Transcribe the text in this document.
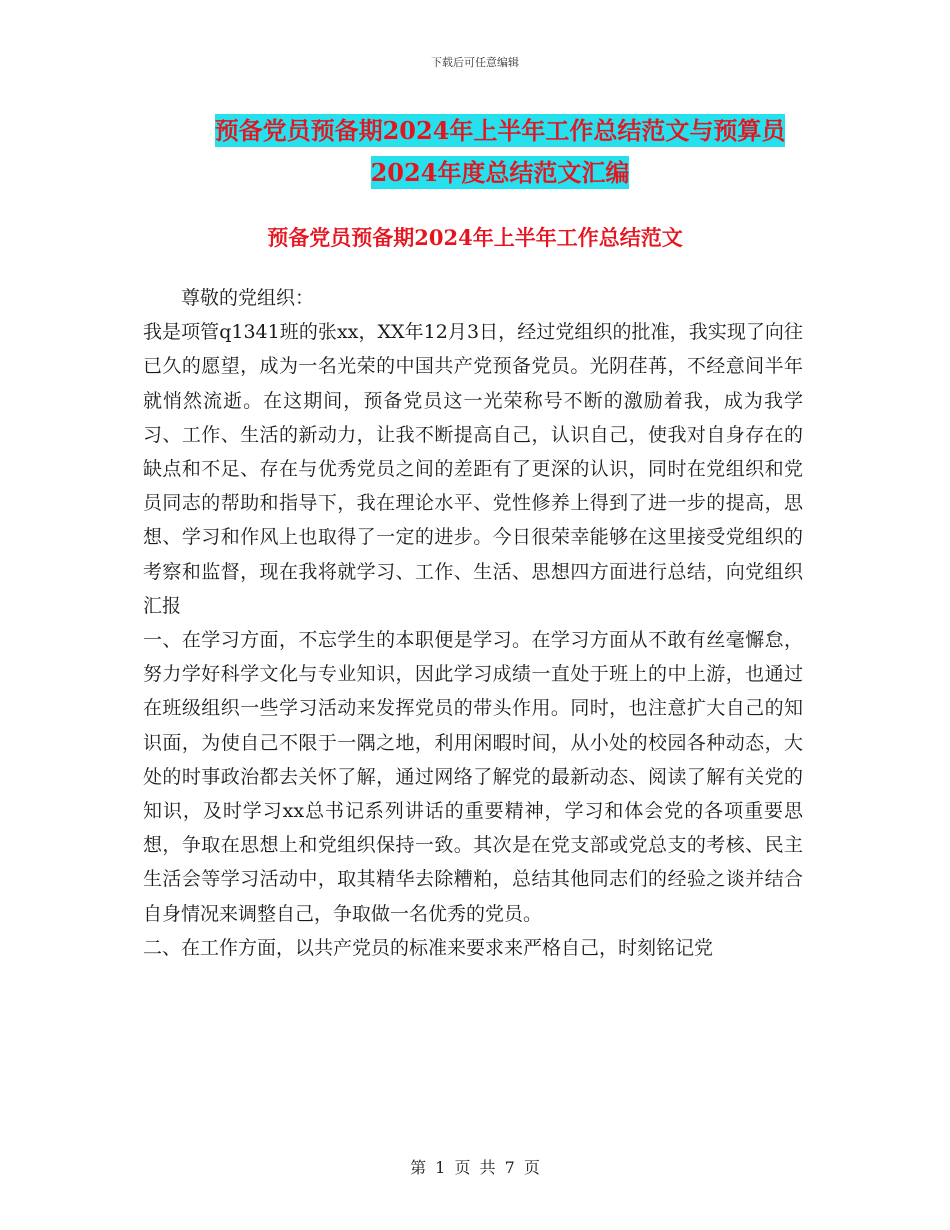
下载后可任意编辑
预备党员预备期2024年上半年工作总结范文与预算员
2024年度总结范文汇编
预备党员预备期2024年上半年工作总结范文

尊敬的党组织：

我是项管q1341班的张xx，XX年12月3日，经过党组织的批准，我实现了向往已久的愿望，成为一名光荣的中国共产党预备党员。光阴荏苒，不经意间半年就悄然流逝。在这期间，预备党员这一光荣称号不断的激励着我，成为我学习、工作、生活的新动力，让我不断提高自己，认识自己，使我对自身存在的缺点和不足、存在与优秀党员之间的差距有了更深的认识，同时在党组织和党员同志的帮助和指导下，我在理论水平、党性修养上得到了进一步的提高，思想、学习和作风上也取得了一定的进步。今日很荣幸能够在这里接受党组织的考察和监督，现在我将就学习、工作、生活、思想四方面进行总结，向党组织汇报

一、在学习方面，不忘学生的本职便是学习。在学习方面从不敢有丝毫懈怠，努力学好科学文化与专业知识，因此学习成绩一直处于班上的中上游，也通过在班级组织一些学习活动来发挥党员的带头作用。同时，也注意扩大自己的知识面，为使自己不限于一隅之地，利用闲暇时间，从小处的校园各种动态，大处的时事政治都去关怀了解，通过网络了解党的最新动态、阅读了解有关党的知识，及时学习xx总书记系列讲话的重要精神，学习和体会党的各项重要思想，争取在思想上和党组织保持一致。其次是在党支部或党总支的考核、民主生活会等学习活动中，取其精华去除糟粕，总结其他同志们的经验之谈并结合自身情况来调整自己，争取做一名优秀的党员。

二、在工作方面，以共产党员的标准来要求来严格自己，时刻铭记党

第 1 页 共 7 页
